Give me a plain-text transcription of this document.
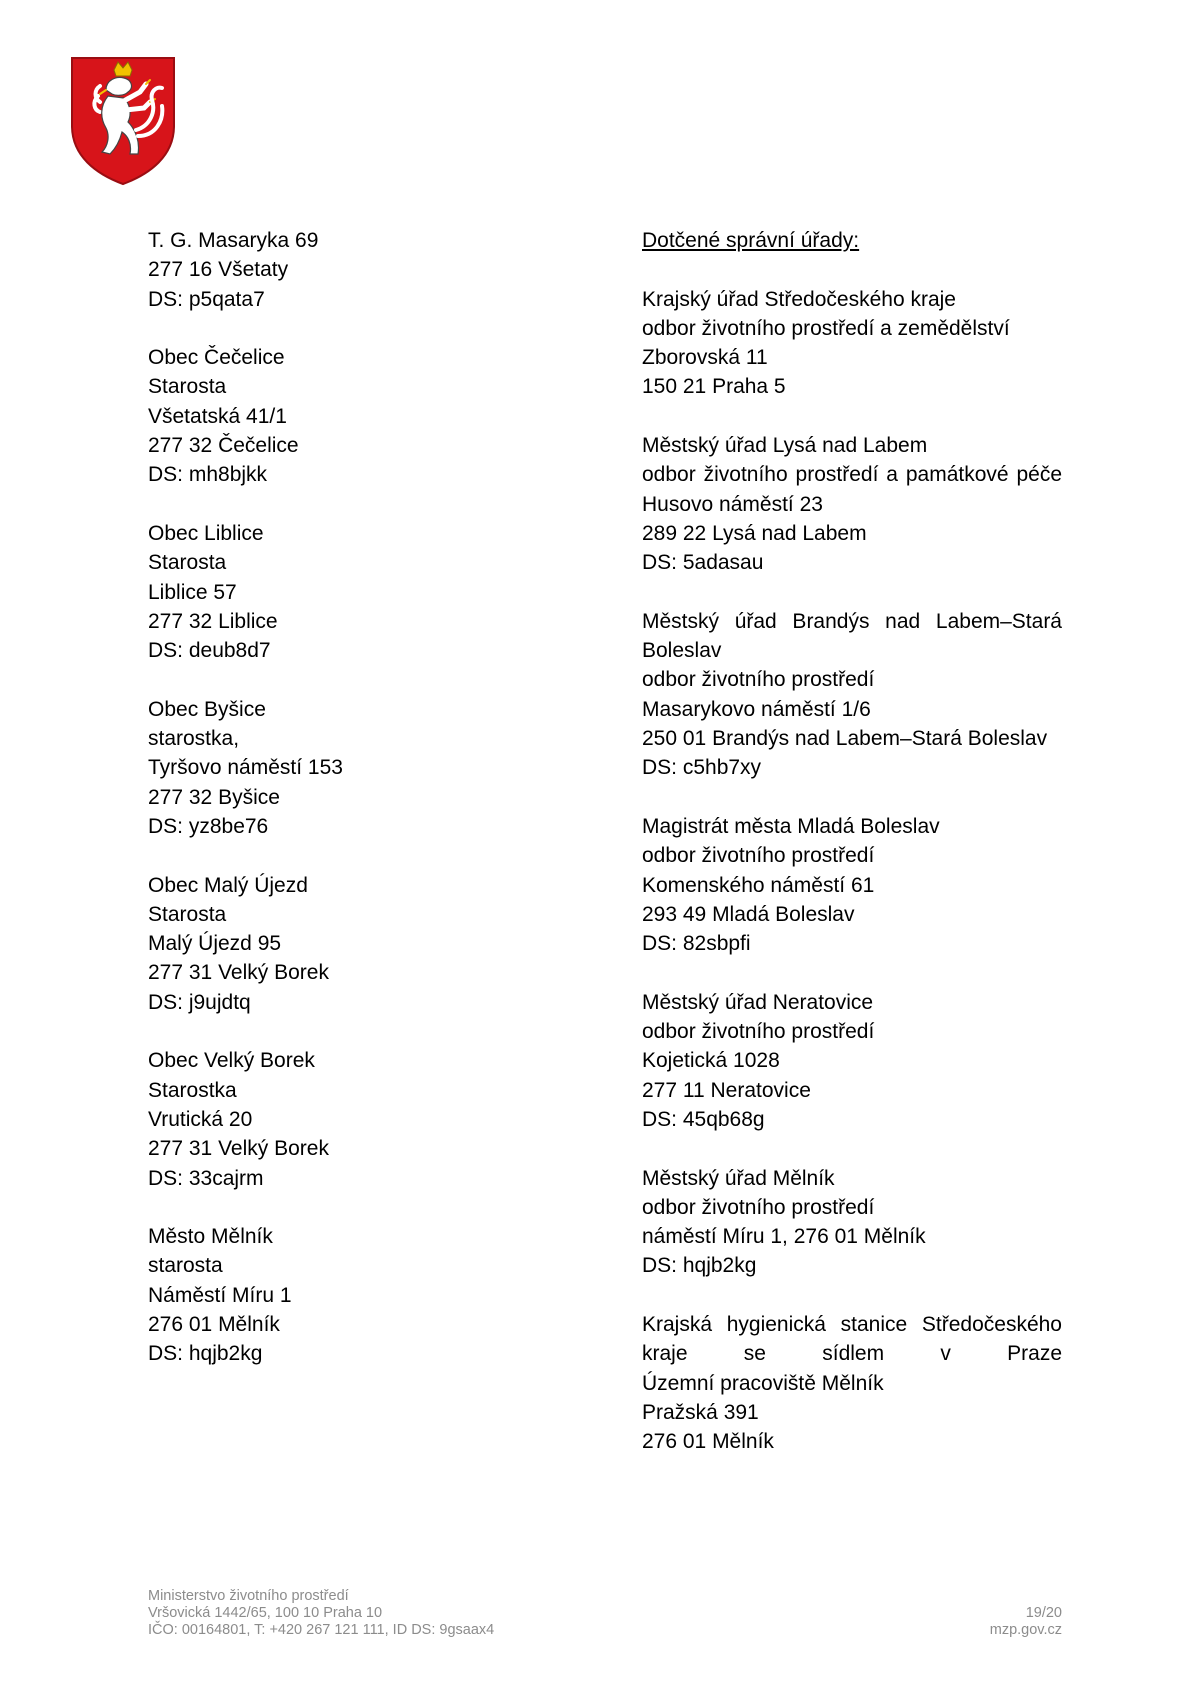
T. G. Masaryka 69
277 16 Všetaty
DS: p5qata7
Obec Čečelice
Starosta
Všetatská 41/1
277 32 Čečelice
DS: mh8bjkk
Obec Liblice
Starosta
Liblice 57
277 32 Liblice
DS: deub8d7
Obec Byšice
starostka,
Tyršovo náměstí 153
277 32 Byšice
DS: yz8be76
Obec Malý Újezd
Starosta
Malý Újezd 95
277 31 Velký Borek
DS: j9ujdtq
Obec Velký Borek
Starostka
Vrutická 20
277 31 Velký Borek
DS: 33cajrm
Město Mělník
starosta
Náměstí Míru 1
276 01 Mělník
DS: hqjb2kg
Dotčené správní úřady:
Krajský úřad Středočeského kraje
odbor životního prostředí a zemědělství
Zborovská 11
150 21 Praha 5
Městský úřad Lysá nad Labem
odbor životního prostředí a památkové péče
Husovo náměstí 23
289 22 Lysá nad Labem
DS: 5adasau
Městský úřad Brandýs nad Labem–Stará Boleslav
odbor životního prostředí
Masarykovo náměstí 1/6
250 01 Brandýs nad Labem–Stará Boleslav
DS: c5hb7xy
Magistrát města Mladá Boleslav
odbor životního prostředí
Komenského náměstí 61
293 49 Mladá Boleslav
DS: 82sbpfi
Městský úřad Neratovice
odbor životního prostředí
Kojetická 1028
277 11 Neratovice
DS: 45qb68g
Městský úřad Mělník
odbor životního prostředí
náměstí Míru 1, 276 01 Mělník
DS: hqjb2kg
Krajská hygienická stanice Středočeského kraje se sídlem v Praze
Územní pracoviště Mělník
Pražská 391
276 01 Mělník
Ministerstvo životního prostředí
Vršovická 1442/65, 100 10 Praha 10
IČO: 00164801, T: +420 267 121 111, ID DS: 9gsaax4
19/20
mzp.gov.cz
